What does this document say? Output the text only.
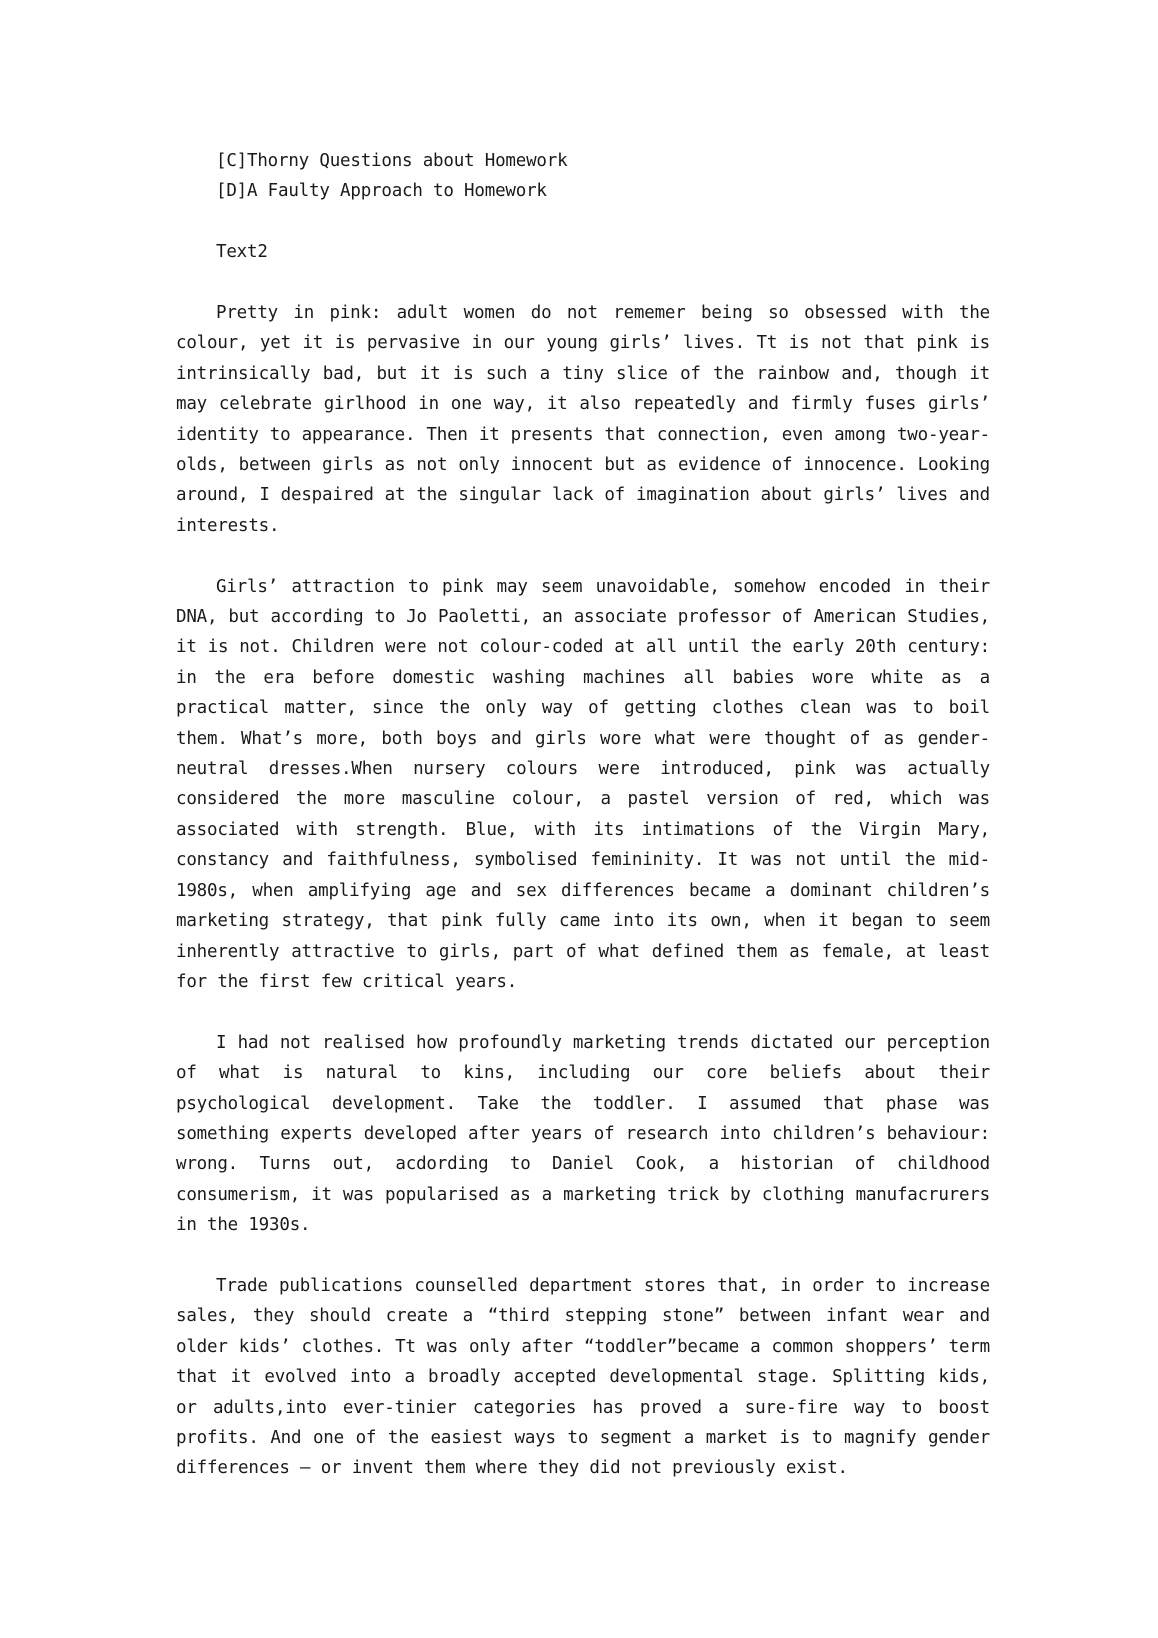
[C]Thorny Questions about Homework

[D]A Faulty Approach to Homework

Text2

Pretty in pink: adult women do not rememer being so obsessed with the colour, yet it is pervasive in our young girls’ lives. Tt is not that pink is intrinsically bad, but it is such a tiny slice of the rainbow and, though it may celebrate girlhood in one way, it also repeatedly and firmly fuses girls’ identity to appearance. Then it presents that connection, even among two-year-olds, between girls as not only innocent but as evidence of innocence. Looking around, I despaired at the singular lack of imagination about girls’ lives and interests.

Girls’ attraction to pink may seem unavoidable, somehow encoded in their DNA, but according to Jo Paoletti, an associate professor of American Studies, it is not. Children were not colour-coded at all until the early 20th century: in the era before domestic washing machines all babies wore white as a practical matter, since the only way of getting clothes clean was to boil them. What’s more, both boys and girls wore what were thought of as gender-neutral dresses.When nursery colours were introduced, pink was actually considered the more masculine colour, a pastel version of red, which was associated with strength. Blue, with its intimations of the Virgin Mary, constancy and faithfulness, symbolised femininity. It was not until the mid-1980s, when amplifying age and sex differences became a dominant children’s marketing strategy, that pink fully came into its own, when it began to seem inherently attractive to girls, part of what defined them as female, at least for the first few critical years.

I had not realised how profoundly marketing trends dictated our perception of what is natural to kins, including our core beliefs about their psychological development. Take the toddler. I assumed that phase was something experts developed after years of research into children’s behaviour: wrong. Turns out, acdording to Daniel Cook, a historian of childhood consumerism, it was popularised as a marketing trick by clothing manufacrurers in the 1930s.

Trade publications counselled department stores that, in order to increase sales, they should create a “third stepping stone” between infant wear and older kids’ clothes. Tt was only after “toddler”became a common shoppers’ term that it evolved into a broadly accepted developmental stage. Splitting kids, or adults,into ever-tinier categories has proved a sure-fire way to boost profits. And one of the easiest ways to segment a market is to magnify gender differences – or invent them where they did not previously exist.
